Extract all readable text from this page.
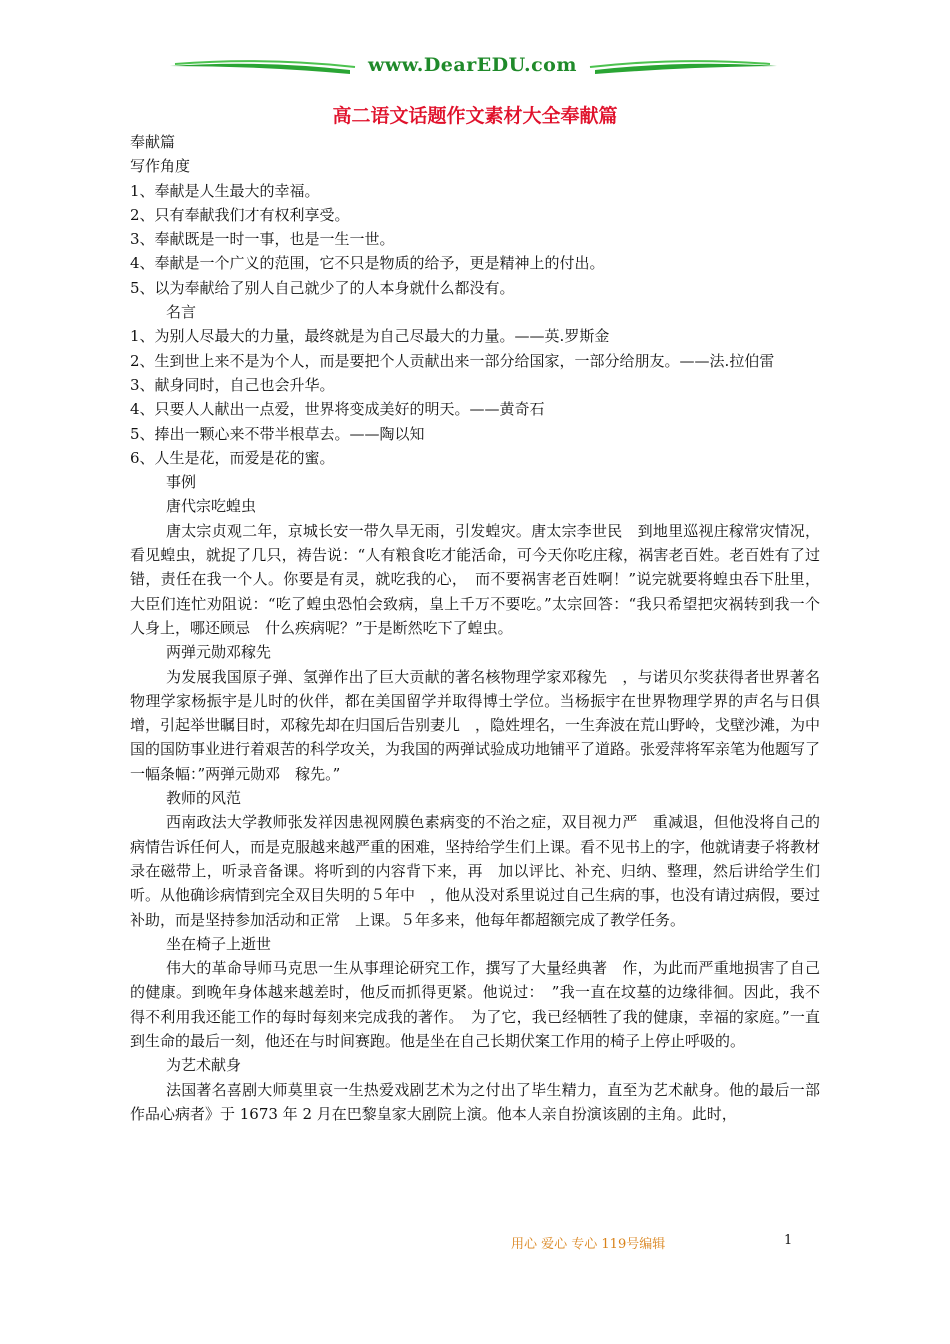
www.DearEDU.com
高二语文话题作文素材大全奉献篇

奉献篇

写作角度

1、奉献是人生最大的幸福。

2、只有奉献我们才有权利享受。

3、奉献既是一时一事，也是一生一世。

4、奉献是一个广义的范围，它不只是物质的给予，更是精神上的付出。

5、以为奉献给了别人自己就少了的人本身就什么都没有。

名言

1、为别人尽最大的力量，最终就是为自己尽最大的力量。——英.罗斯金

2、生到世上来不是为个人，而是要把个人贡献出来一部分给国家，一部分给朋友。——法.拉伯雷

3、献身同时，自己也会升华。

4、只要人人献出一点爱，世界将变成美好的明天。——黄奇石

5、捧出一颗心来不带半根草去。——陶以知

6、人生是花，而爱是花的蜜。

事例

唐代宗吃蝗虫

唐太宗贞观二年，京城长安一带久旱无雨，引发蝗灾。唐太宗李世民　到地里巡视庄稼常灾情况，看见蝗虫，就捉了几只，祷告说：“人有粮食吃才能活命，可今天你吃庄稼，祸害老百姓。老百姓有了过错，责任在我一个人。你要是有灵，就吃我的心，　而不要祸害老百姓啊！”说完就要将蝗虫吞下肚里，大臣们连忙劝阻说：“吃了蝗虫恐怕会致病，皇上千万不要吃。”太宗回答：“我只希望把灾祸转到我一个人身上，哪还顾忌　什么疾病呢？”于是断然吃下了蝗虫。

两弹元勋邓稼先

为发展我国原子弹、氢弹作出了巨大贡献的著名核物理学家邓稼先　，与诺贝尔奖获得者世界著名物理学家杨振宇是儿时的伙伴，都在美国留学并取得博士学位。当杨振宇在世界物理学界的声名与日俱增，引起举世瞩目时，邓稼先却在归国后告别妻儿　，隐姓埋名，一生奔波在荒山野岭，戈壁沙滩，为中国的国防事业进行着艰苦的科学攻关，为我国的两弹试验成功地铺平了道路。张爱萍将军亲笔为他题写了一幅条幅：”两弹元勋邓　稼先。”

教师的风范

西南政法大学教师张发祥因患视网膜色素病变的不治之症，双目视力严　重减退，但他没将自己的病情告诉任何人，而是克服越来越严重的困难，坚持给学生们上课。看不见书上的字，他就请妻子将教材录在磁带上，听录音备课。将听到的内容背下来，再　加以评比、补充、归纳、整理，然后讲给学生们听。从他确诊病情到完全双目失明的５年中　，他从没对系里说过自己生病的事，也没有请过病假，要过补助，而是坚持参加活动和正常　上课。５年多来，他每年都超额完成了教学任务。

坐在椅子上逝世

伟大的革命导师马克思一生从事理论研究工作，撰写了大量经典著　作，为此而严重地损害了自己的健康。到晚年身体越来越差时，他反而抓得更紧。他说过：　”我一直在坟墓的边缘徘徊。因此，我不得不利用我还能工作的每时每刻来完成我的著作。　为了它，我已经牺牲了我的健康，幸福的家庭。”一直到生命的最后一刻，他还在与时间赛跑。他是坐在自己长期伏案工作用的椅子上停止呼吸的。

为艺术献身

法国著名喜剧大师莫里哀一生热爱戏剧艺术为之付出了毕生精力，直至为艺术献身。他的最后一部作品心病者》于 1673 年 2 月在巴黎皇家大剧院上演。他本人亲自扮演该剧的主角。此时，

用心 爱心 专心 119号编辑	1
